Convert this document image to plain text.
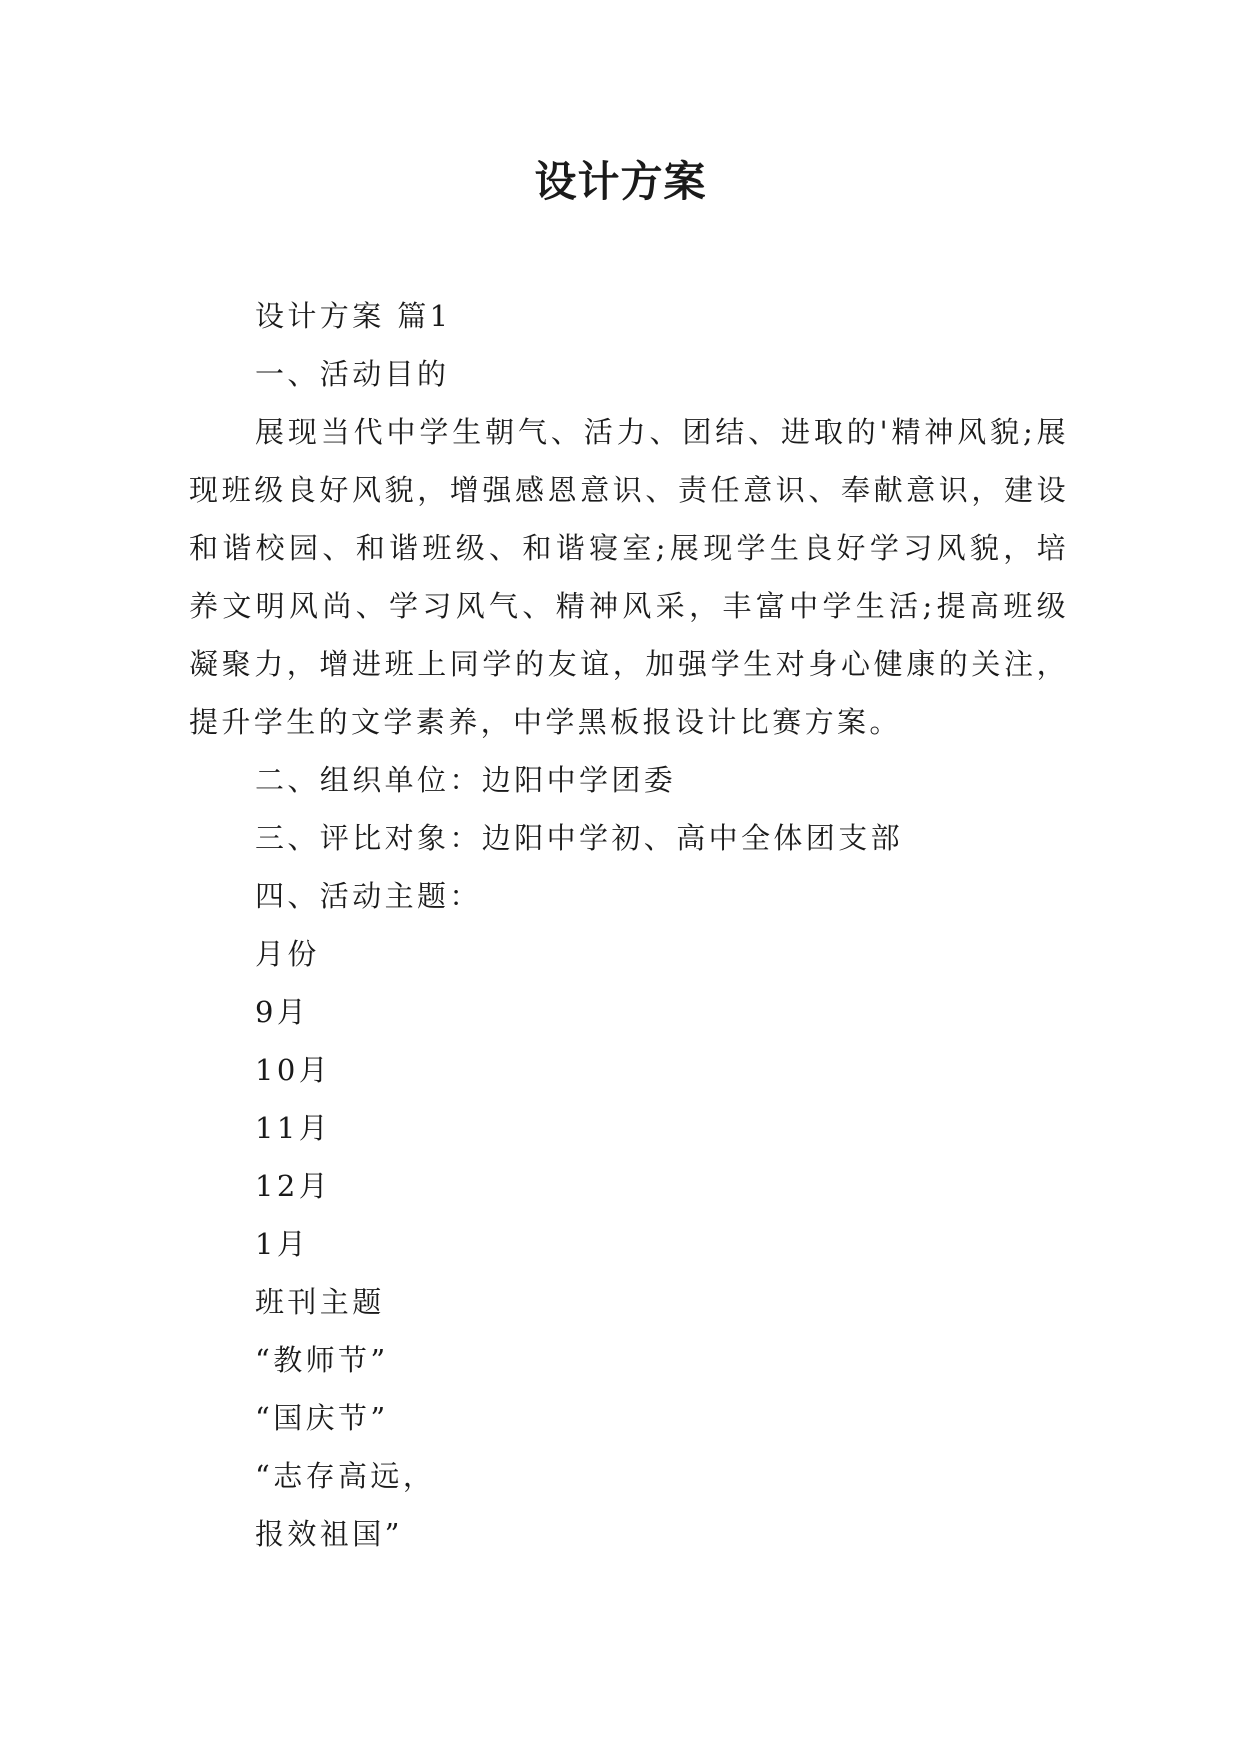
设计方案

设计方案 篇1

一、活动目的

展现当代中学生朝气、活力、团结、进取的'精神风貌;展现班级良好风貌，增强感恩意识、责任意识、奉献意识，建设和谐校园、和谐班级、和谐寝室;展现学生良好学习风貌，培养文明风尚、学习风气、精神风采，丰富中学生活;提高班级凝聚力，增进班上同学的友谊，加强学生对身心健康的关注，提升学生的文学素养，中学黑板报设计比赛方案。

二、组织单位：边阳中学团委

三、评比对象：边阳中学初、高中全体团支部

四、活动主题：

月份

9月

10月

11月

12月

1月

班刊主题

“教师节”

“国庆节”

“志存高远，

报效祖国”
